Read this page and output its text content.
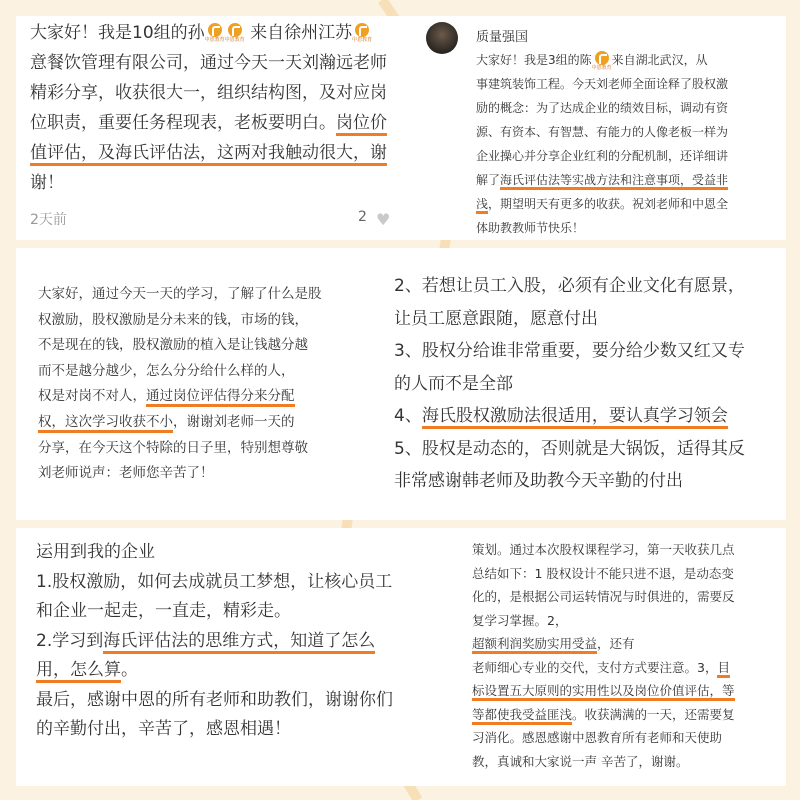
大家好！我是10组的孙 中恩教育 中恩教育 来自徐州江苏 中恩教育
意餐饮管理有限公司，通过今天一天刘瀚远老师
精彩分享，收获很大一，组织结构图，及对应岗
位职责，重要任务程现表，老板要明白。岗位价
值评估，及海氏评估法，这两对我触动很大，谢
谢！
2天前	2 ♥
质量强国
大家好！我是3组的陈
中恩教育
来自湖北武汉，从
事建筑装饰工程。今天刘老师全面诠释了股权激
励的概念：为了达成企业的绩效目标，调动有资
源、有资本、有智慧、有能力的人像老板一样为
企业操心并分享企业红利的分配机制，还详细讲
解了海氏评估法等实战方法和注意事项，受益非
浅，期望明天有更多的收获。祝刘老师和中恩全
体助教教师节快乐！
大家好，通过今天一天的学习，了解了什么是股
权激励，股权激励是分未来的钱，市场的钱，
不是现在的钱，股权激励的植入是让钱越分越
而不是越分越少，怎么分分给什么样的人，
权是对岗不对人，通过岗位评估得分来分配
权，这次学习收获不小，谢谢刘老师一天的
分享，在今天这个特除的日子里，特别想尊敬
刘老师说声：老师您辛苦了！
2、若想让员工入股，必须有企业文化有愿景，
让员工愿意跟随，愿意付出
3、股权分给谁非常重要，要分给少数又红又专
的人而不是全部
4、海氏股权激励法很适用，要认真学习领会
5、股权是动态的，否则就是大锅饭，适得其反
非常感谢韩老师及助教今天辛勤的付出
运用到我的企业
1.股权激励，如何去成就员工梦想，让核心员工
和企业一起走，一直走，精彩走。
2.学习到海氏评估法的思维方式，知道了怎么
用，怎么算。
最后，感谢中恩的所有老师和助教们，谢谢你们
的辛勤付出，辛苦了，感恩相遇！
策划。通过本次股权课程学习，第一天收获几点
总结如下：1 股权设计不能只进不退，是动态变
化的，是根据公司运转情况与时俱进的，需要反
复学习掌握。2，
超额利润奖励实用受益，还有
老师细心专业的交代，支付方式要注意。3，目
标设置五大原则的实用性以及岗位价值评估，等
等都使我受益匪浅。收获满满的一天，还需要复
习消化。感恩感谢中恩教育所有老师和天使助
教，真诚和大家说一声 辛苦了，谢谢。
